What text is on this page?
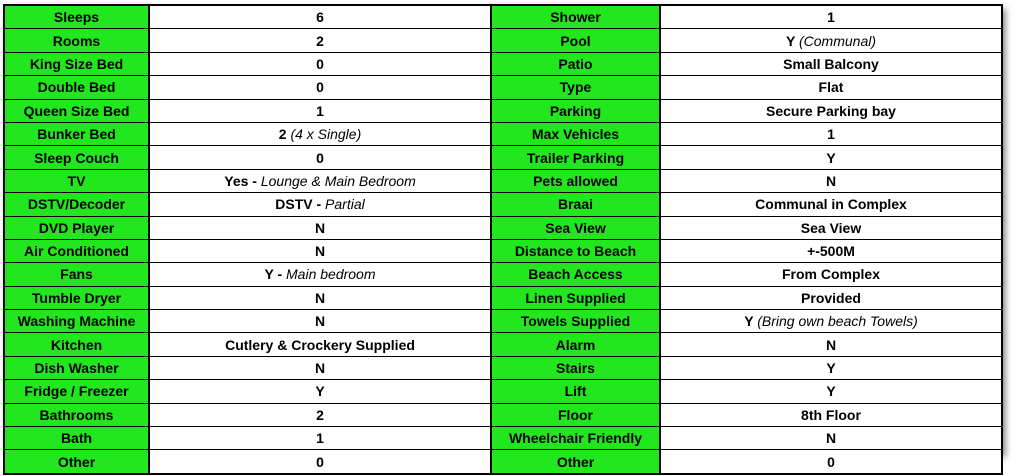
Sleeps	6	Shower	1
Rooms	2	Pool	Y (Communal)
King Size Bed	0	Patio	Small Balcony
Double Bed	0	Type	Flat
Queen Size Bed	1	Parking	Secure Parking bay
Bunker Bed	2 (4 x Single)	Max Vehicles	1
Sleep Couch	0	Trailer Parking	Y
TV	Yes - Lounge & Main Bedroom	Pets allowed	N
DSTV/Decoder	DSTV - Partial	Braai	Communal in Complex
DVD Player	N	Sea View	Sea View
Air Conditioned	N	Distance to Beach	+-500M
Fans	Y - Main bedroom	Beach Access	From Complex
Tumble Dryer	N	Linen Supplied	Provided
Washing Machine	N	Towels Supplied	Y (Bring own beach Towels)
Kitchen	Cutlery & Crockery Supplied	Alarm	N
Dish Washer	N	Stairs	Y
Fridge / Freezer	Y	Lift	Y
Bathrooms	2	Floor	8th Floor
Bath	1	Wheelchair Friendly	N
Other	0	Other	0
